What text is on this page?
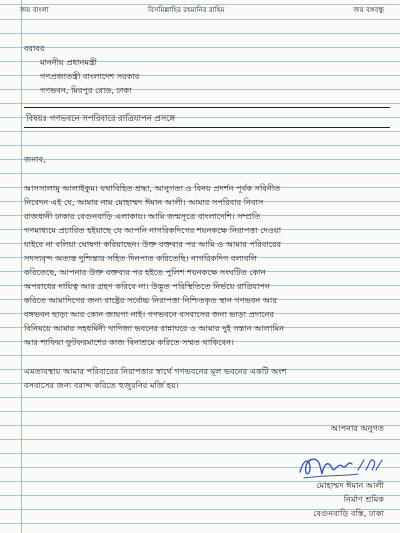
জয় বাংলা	বিসমিল্লাহির রহমানির রাহিম	জয় বঙ্গবন্ধু
বরাবর
মাননীয় প্রধানমন্ত্রী
গণপ্রজাতন্ত্রী বাংলাদেশ সরকার
গণভবন, মিরপুর রোড, ঢাকা
বিষয়ঃ গণভবনে সপরিবারে রাত্রিযাপন প্রসঙ্গে
জনাব,
আসসালামু আলাইকুম। যথাবিহিত শ্রদ্ধা, আনুগত্য ও বিনয় প্রদর্শন পূর্বক সবিনীত
নিবেদন এই যে, আমার নাম মোহাম্মদ ঈমান আলী। আমার সপরিবার নিবাস
রাজধানী ঢাকার বেগুনবাড়ি এলাকায়। আমি জন্মসূত্রে বাংলাদেশি। সম্প্রতি
গণমাধ্যমে প্রচারিত হইয়াছে যে আপনি নাগরিকদিগের শয়নকক্ষে নিরাপত্তা দেওয়া
যাইবে না বলিয়া ঘোষণা করিয়াছেন। উক্ত বক্তব্যর পর আমি ও আমার পরিবারের
সদস্যবৃন্দ অত্যন্ত দুশ্চিন্তার সহিত দিনপাত করিতেছি। নাগরিকদিগ বলাবলি
করিতেছে, আপনার উক্ত বক্তব্যর পর হইতে পুলিশ শয়নকক্ষে সংঘটিত কোন
অপরাধের দায়িত্ব আর গ্রহণ করিবে না। উদ্ভূত পরিস্থিতিতে নির্ভয়ে রাত্রিযাপন
করিতে আমাদিগের জন্য রাষ্ট্রের সর্বোচ্চ নিরাপত্তা নিশ্চিতকৃত স্থান গণভবন আর
বঙ্গভবন ছাড়া আর কোন জায়গা নাই। গণভবনে বসবাসের জন্য ভাড়া প্রদানের
বিনিময়ে আমার সহধর্মিনী খাদিজা ভবনের রান্নাঘরে ও আমার দুই সন্তান আলামিন
আর শাফিয়া ফুটফরমাশের কাজ বিনাশ্রমে করিতে সম্মত থাকিবেন।
এমতাবস্থায় আমার পরিবারের নিরাপত্তার স্বার্থে গণভবনের মূল ভবনের একটি অংশ
বসবাসের জন্য বরাদ্দ করিতে হুজুরনির মর্জি হয়।
আপনার অনুগত
মোহাম্মদ ঈমান আলী
নির্মাণ শ্রমিক
বেগুনবাড়ি বস্তি, ঢাকা
